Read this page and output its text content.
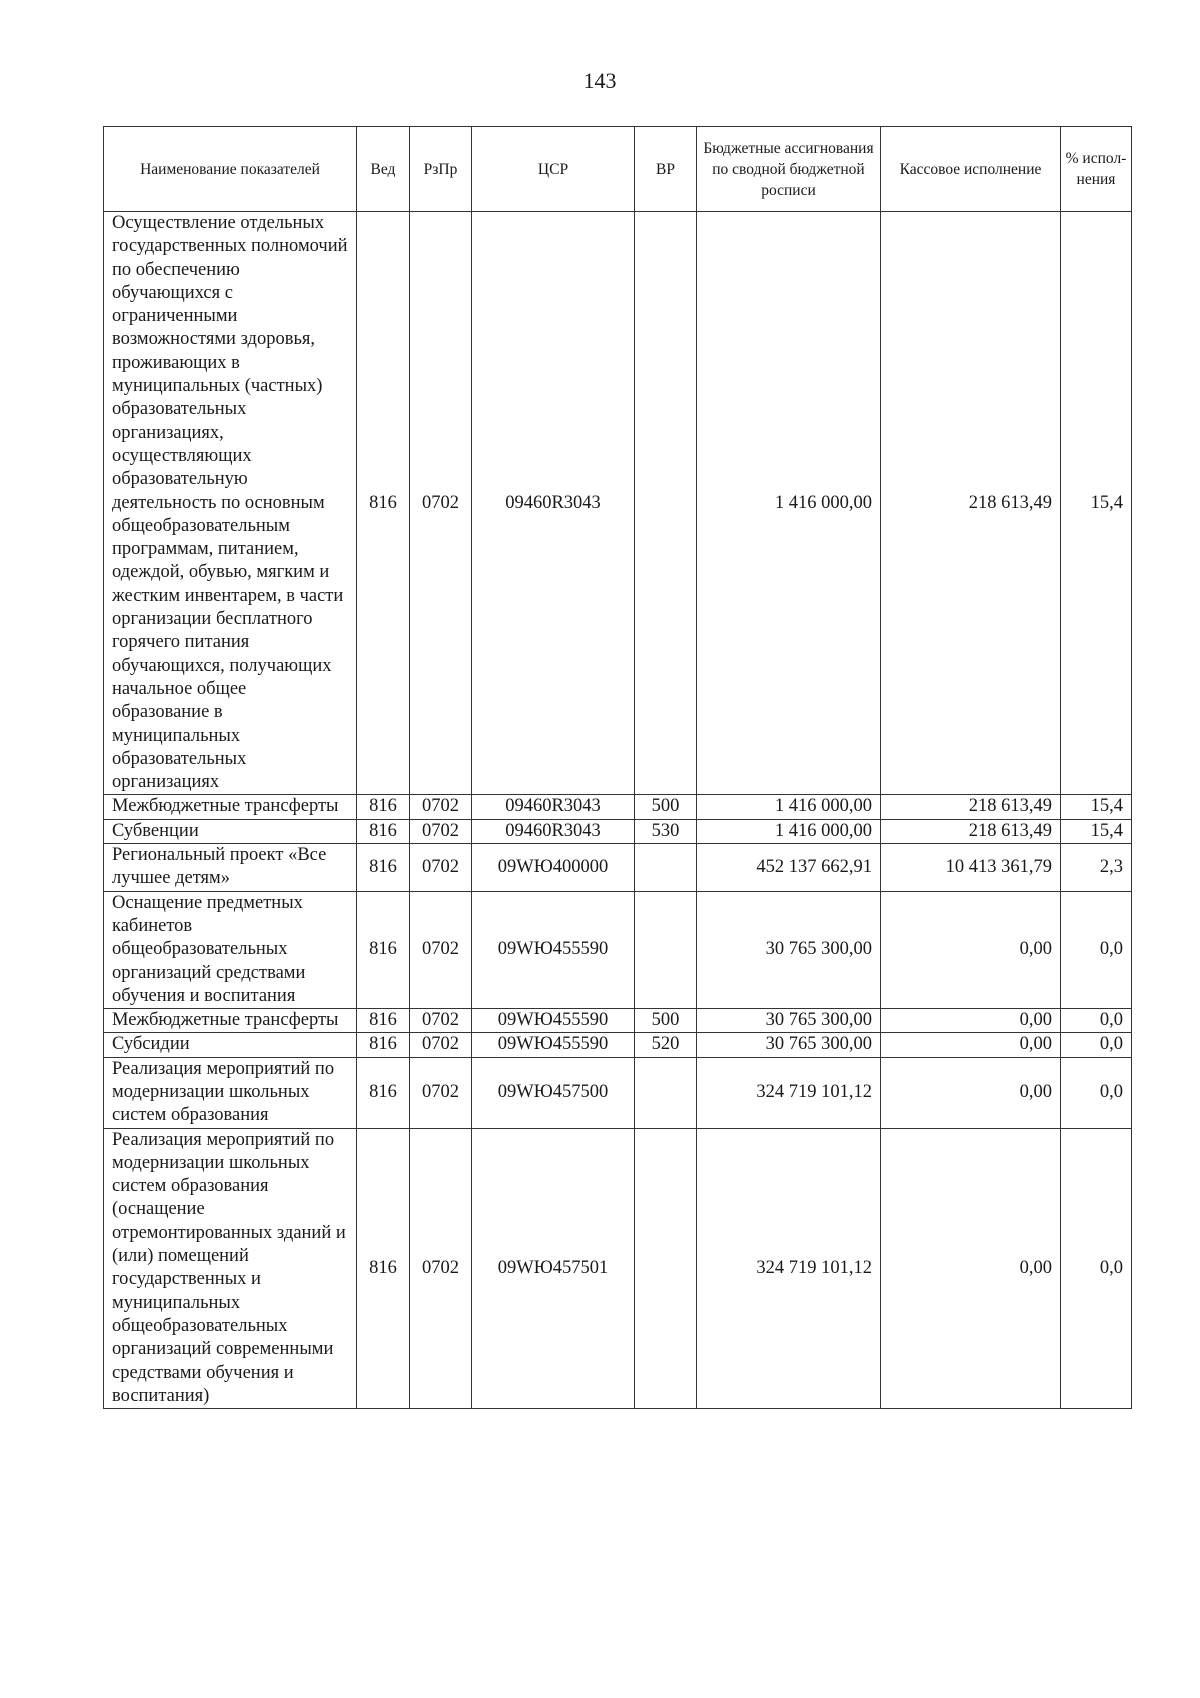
143
Наименование показателей	Вед	РзПр	ЦСР	ВР	Бюджетные ассигнования по сводной бюджетной росписи	Кассовое исполнение	% испол-нения
Осуществление отдельных государственных полномочий по обеспечению обучающихся с ограниченными возможностями здоровья, проживающих в муниципальных (частных) образовательных организациях, осуществляющих образовательную деятельность по основным общеобразовательным программам, питанием, одеждой, обувью, мягким и жестким инвентарем, в части организации бесплатного горячего питания обучающихся, получающих начальное общее образование в муниципальных образовательных организациях	816	0702	09460R3043		1 416 000,00	218 613,49	15,4
Межбюджетные трансферты	816	0702	09460R3043	500	1 416 000,00	218 613,49	15,4
Субвенции	816	0702	09460R3043	530	1 416 000,00	218 613,49	15,4
Региональный проект «Все лучшее детям»	816	0702	09WЮ400000		452 137 662,91	10 413 361,79	2,3
Оснащение предметных кабинетов общеобразовательных организаций средствами обучения и воспитания	816	0702	09WЮ455590		30 765 300,00	0,00	0,0
Межбюджетные трансферты	816	0702	09WЮ455590	500	30 765 300,00	0,00	0,0
Субсидии	816	0702	09WЮ455590	520	30 765 300,00	0,00	0,0
Реализация мероприятий по модернизации школьных систем образования	816	0702	09WЮ457500		324 719 101,12	0,00	0,0
Реализация мероприятий по модернизации школьных систем образования (оснащение отремонтированных зданий и (или) помещений государственных и муниципальных общеобразовательных организаций современными средствами обучения и воспитания)	816	0702	09WЮ457501		324 719 101,12	0,00	0,0
